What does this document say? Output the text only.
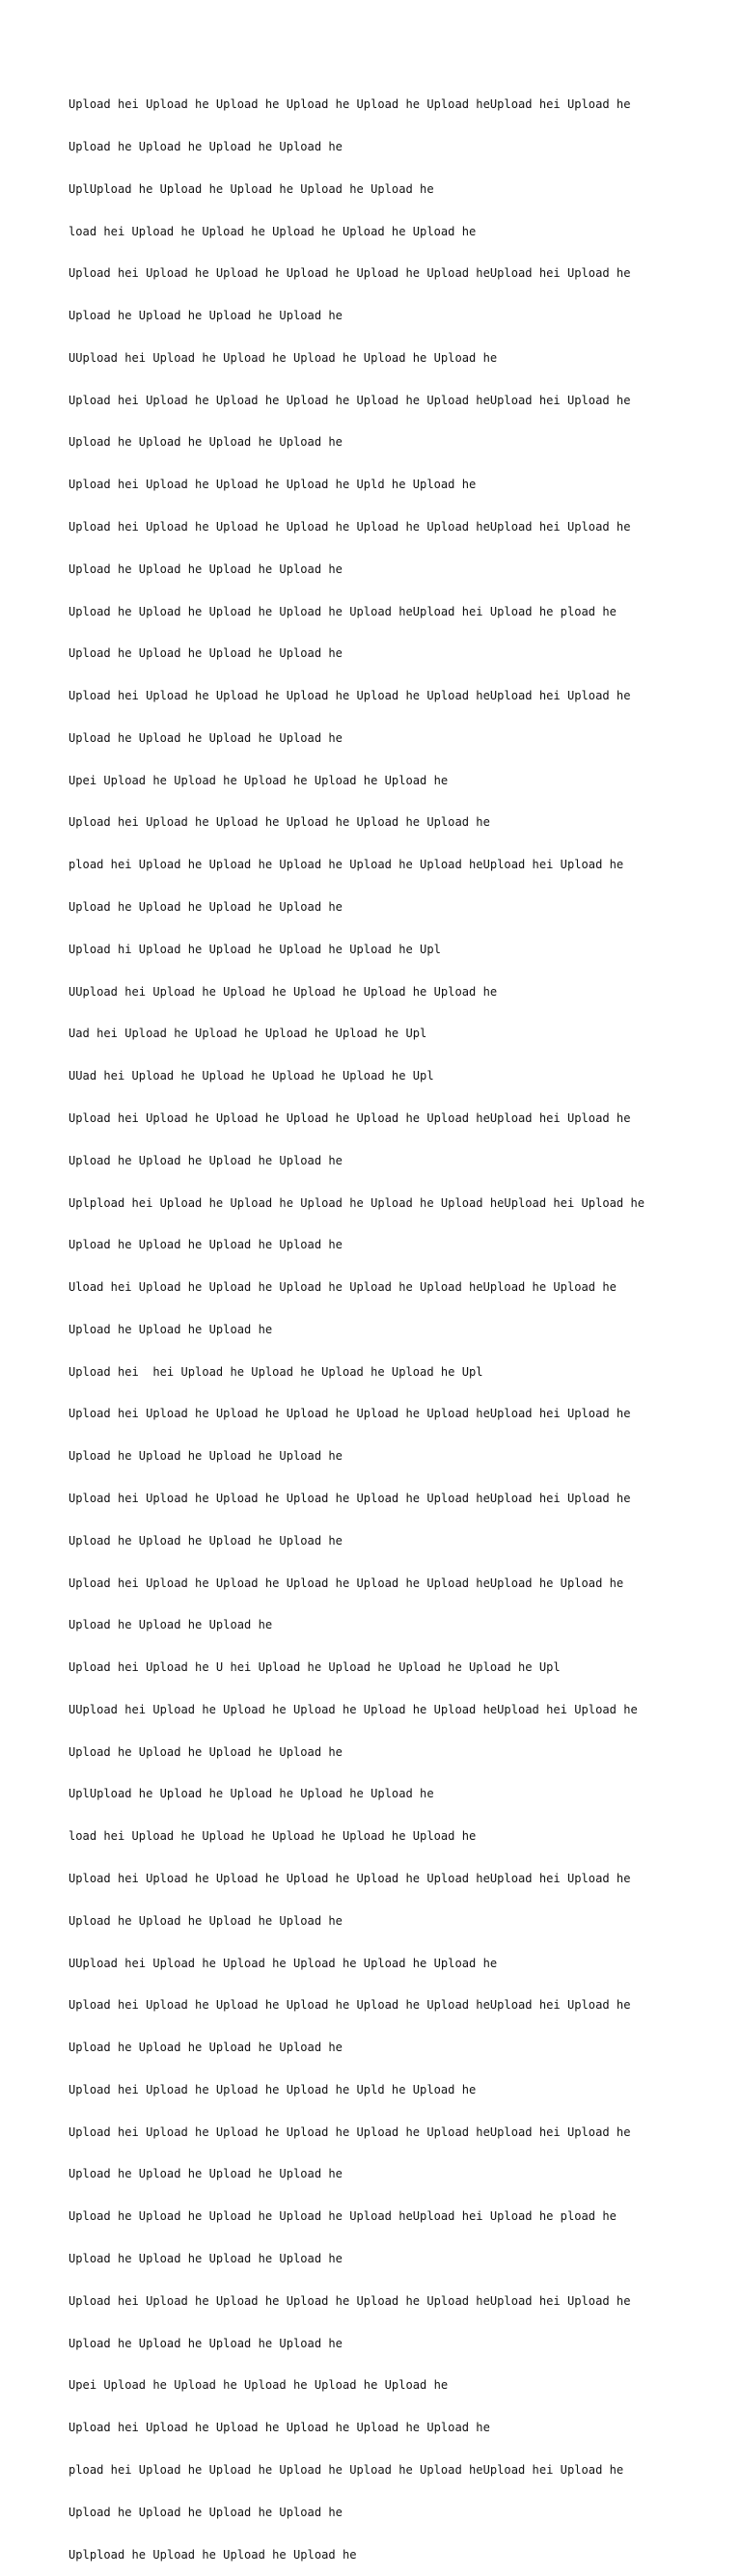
Upload hei Upload he Upload he Upload he Upload he Upload heUpload hei Upload he

Upload he Upload he Upload he Upload he

UplUpload he Upload he Upload he Upload he Upload he

load hei Upload he Upload he Upload he Upload he Upload he

Upload hei Upload he Upload he Upload he Upload he Upload heUpload hei Upload he

Upload he Upload he Upload he Upload he

UUpload hei Upload he Upload he Upload he Upload he Upload he

Upload hei Upload he Upload he Upload he Upload he Upload heUpload hei Upload he

Upload he Upload he Upload he Upload he

Upload hei Upload he Upload he Upload he Upld he Upload he

Upload hei Upload he Upload he Upload he Upload he Upload heUpload hei Upload he

Upload he Upload he Upload he Upload he

Upload he Upload he Upload he Upload he Upload heUpload hei Upload he pload he

Upload he Upload he Upload he Upload he

Upload hei Upload he Upload he Upload he Upload he Upload heUpload hei Upload he

Upload he Upload he Upload he Upload he

Upei Upload he Upload he Upload he Upload he Upload he

Upload hei Upload he Upload he Upload he Upload he Upload he

pload hei Upload he Upload he Upload he Upload he Upload heUpload hei Upload he

Upload he Upload he Upload he Upload he

Upload hi Upload he Upload he Upload he Upload he Upl

UUpload hei Upload he Upload he Upload he Upload he Upload he

Uad hei Upload he Upload he Upload he Upload he Upl

UUad hei Upload he Upload he Upload he Upload he Upl

Upload hei Upload he Upload he Upload he Upload he Upload heUpload hei Upload he

Upload he Upload he Upload he Upload he

Uplpload hei Upload he Upload he Upload he Upload he Upload heUpload hei Upload he

Upload he Upload he Upload he Upload he

Uload hei Upload he Upload he Upload he Upload he Upload heUpload he Upload he

Upload he Upload he Upload he

Upload hei  hei Upload he Upload he Upload he Upload he Upl

Upload hei Upload he Upload he Upload he Upload he Upload heUpload hei Upload he

Upload he Upload he Upload he Upload he

Upload hei Upload he Upload he Upload he Upload he Upload heUpload hei Upload he

Upload he Upload he Upload he Upload he

Upload hei Upload he Upload he Upload he Upload he Upload heUpload he Upload he

Upload he Upload he Upload he

Upload hei Upload he U hei Upload he Upload he Upload he Upload he Upl

UUpload hei Upload he Upload he Upload he Upload he Upload heUpload hei Upload he

Upload he Upload he Upload he Upload he

UplUpload he Upload he Upload he Upload he Upload he

load hei Upload he Upload he Upload he Upload he Upload he

Upload hei Upload he Upload he Upload he Upload he Upload heUpload hei Upload he

Upload he Upload he Upload he Upload he

UUpload hei Upload he Upload he Upload he Upload he Upload he

Upload hei Upload he Upload he Upload he Upload he Upload heUpload hei Upload he

Upload he Upload he Upload he Upload he

Upload hei Upload he Upload he Upload he Upld he Upload he

Upload hei Upload he Upload he Upload he Upload he Upload heUpload hei Upload he

Upload he Upload he Upload he Upload he

Upload he Upload he Upload he Upload he Upload heUpload hei Upload he pload he

Upload he Upload he Upload he Upload he

Upload hei Upload he Upload he Upload he Upload he Upload heUpload hei Upload he

Upload he Upload he Upload he Upload he

Upei Upload he Upload he Upload he Upload he Upload he

Upload hei Upload he Upload he Upload he Upload he Upload he

pload hei Upload he Upload he Upload he Upload he Upload heUpload hei Upload he

Upload he Upload he Upload he Upload he

Uplpload he Upload he Upload he Upload he
